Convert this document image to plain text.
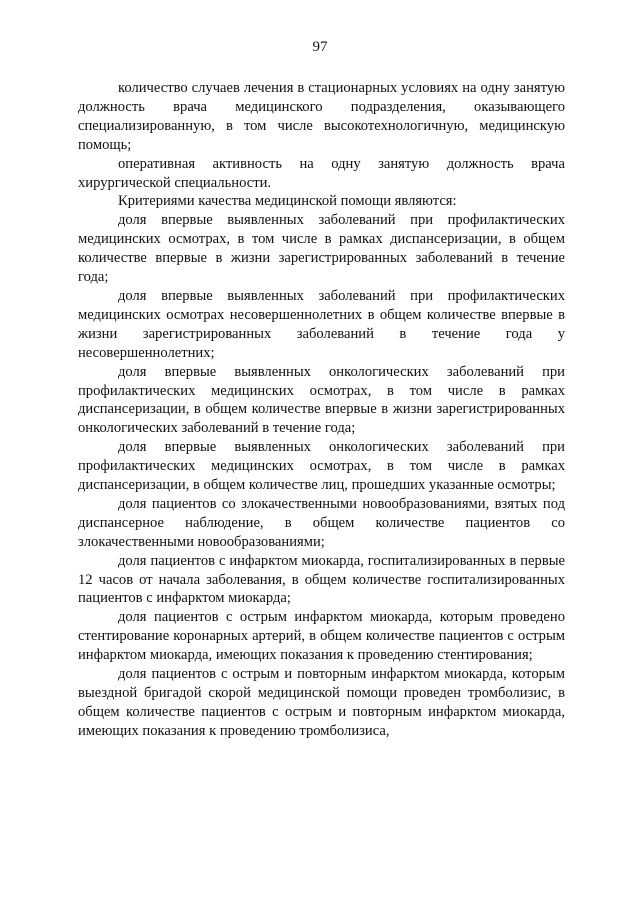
97

количество случаев лечения в стационарных условиях на одну занятую должность врача медицинского подразделения, оказывающего специализированную, в том числе высокотехнологичную, медицинскую помощь;

оперативная активность на одну занятую должность врача хирургической специальности.

Критериями качества медицинской помощи являются:

доля впервые выявленных заболеваний при профилактических медицинских осмотрах, в том числе в рамках диспансеризации, в общем количестве впервые в жизни зарегистрированных заболеваний в течение года;

доля впервые выявленных заболеваний при профилактических медицинских осмотрах несовершеннолетних в общем количестве впервые в жизни зарегистрированных заболеваний в течение года у несовершеннолетних;

доля впервые выявленных онкологических заболеваний при профилактических медицинских осмотрах, в том числе в рамках диспансеризации, в общем количестве впервые в жизни зарегистрированных онкологических заболеваний в течение года;

доля впервые выявленных онкологических заболеваний при профилактических медицинских осмотрах, в том числе в рамках диспансеризации, в общем количестве лиц, прошедших указанные осмотры;

доля пациентов со злокачественными новообразованиями, взятых под диспансерное наблюдение, в общем количестве пациентов со злокачественными новообразованиями;

доля пациентов с инфарктом миокарда, госпитализированных в первые 12 часов от начала заболевания, в общем количестве госпитализированных пациентов с инфарктом миокарда;

доля пациентов с острым инфарктом миокарда, которым проведено стентирование коронарных артерий, в общем количестве пациентов с острым инфарктом миокарда, имеющих показания к проведению стентирования;

доля пациентов с острым и повторным инфарктом миокарда, которым выездной бригадой скорой медицинской помощи проведен тромболизис, в общем количестве пациентов с острым и повторным инфарктом миокарда, имеющих показания к проведению тромболизиса,
